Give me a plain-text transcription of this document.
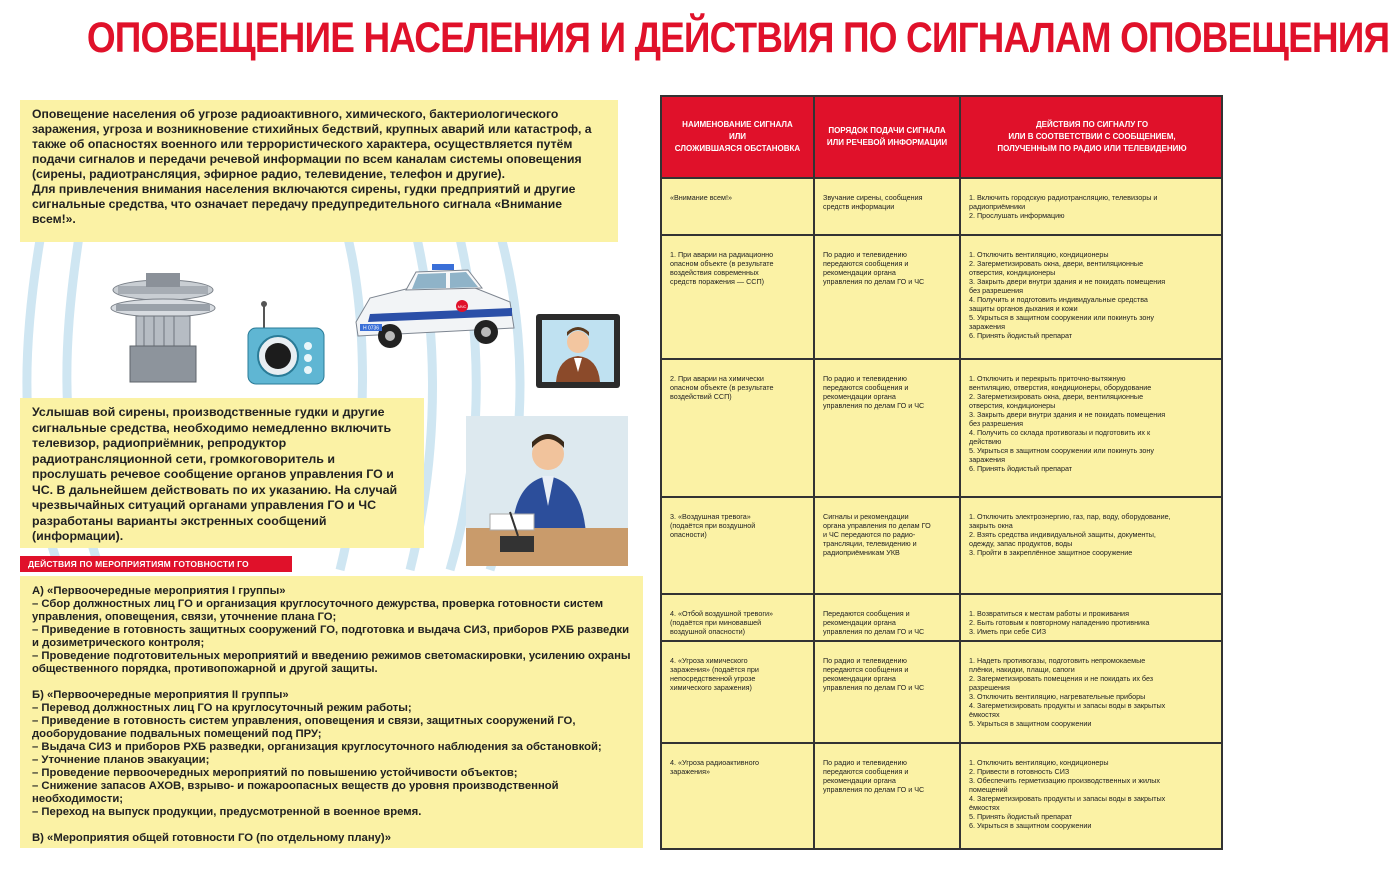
ОПОВЕЩЕНИЕ НАСЕЛЕНИЯ И ДЕЙСТВИЯ ПО СИГНАЛАМ ОПОВЕЩЕНИЯ

Оповещение населения об угрозе радиоактивного, химического, бактериологического заражения, угроза и возникновение стихийных бедствий, крупных аварий или катастроф, а также об опасностях военного или террористического характера, осуществляется путём подачи сигналов и передачи речевой информации по всем каналам системы оповещения (сирены, радиотрансляция, эфирное радио, телевидение, телефон и другие).

Для привлечения внимания населения включаются сирены, гудки предприятий и другие сигнальные средства, что означает передачу предупредительного сигнала «Внимание всем!».

Н 0736
МЧС

Услышав вой сирены, производственные гудки и другие сигнальные средства, необходимо немедленно включить телевизор, радиоприёмник, репродуктор радиотрансляционной сети, громкоговоритель и прослушать речевое сообщение органов управления ГО и ЧС. В дальнейшем действовать по их указанию. На случай чрезвычайных ситуаций органами управления ГО и ЧС разработаны варианты экстренных сообщений (информации).

ДЕЙСТВИЯ ПО МЕРОПРИЯТИЯМ ГОТОВНОСТИ ГО
А) «Первоочередные мероприятия I группы»
– Сбор должностных лиц ГО и организация круглосуточного дежурства, проверка готовности систем управления, оповещения, связи, уточнение плана ГО;
– Приведение в готовность защитных сооружений ГО, подготовка и выдача СИЗ, приборов РХБ разведки и дозиметрического контроля;
– Проведение подготовительных мероприятий и введению режимов светомаскировки, усилению охраны общественного порядка, противопожарной и другой защиты.
Б) «Первоочередные мероприятия II группы»
– Перевод должностных лиц ГО на круглосуточный режим работы;
– Приведение в готовность систем управления, оповещения и связи, защитных сооружений ГО, дооборудование подвальных помещений под ПРУ;
– Выдача СИЗ и приборов РХБ разведки, организация круглосуточного наблюдения за обстановкой;
– Уточнение планов эвакуации;
– Проведение первоочередных мероприятий по повышению устойчивости объектов;
– Снижение запасов АХОВ, взрыво- и пожароопасных веществ до уровня производственной необходимости;
– Переход на выпуск продукции, предусмотренной в военное время.
В) «Мероприятия общей готовности ГО (по отдельному плану)»
НАИМЕНОВАНИЕ СИГНАЛА
ИЛИ
СЛОЖИВШАЯСЯ ОБСТАНОВКА
ПОРЯДОК ПОДАЧИ СИГНАЛА
ИЛИ РЕЧЕВОЙ ИНФОРМАЦИИ
ДЕЙСТВИЯ ПО СИГНАЛУ ГО
ИЛИ В СООТВЕТСТВИИ С СООБЩЕНИЕМ,
ПОЛУЧЕННЫМ ПО РАДИО ИЛИ ТЕЛЕВИДЕНИЮ
«Внимание всем!»	Звучание сирены, сообщения
средств информации
1. Включить городскую радиотрансляцию, телевизоры и
радиоприёмники
2. Прослушать информацию
1. При аварии на радиационно
опасном объекте (в результате
воздействия современных
средств поражения — ССП)
По радио и телевидению
передаются сообщения и
рекомендации органа
управления по делам ГО и ЧС
1. Отключить вентиляцию, кондиционеры
2. Загерметизировать окна, двери, вентиляционные
отверстия, кондиционеры
3. Закрыть двери внутри здания и не покидать помещения
без разрешения
4. Получить и подготовить индивидуальные средства
защиты органов дыхания и кожи
5. Укрыться в защитном сооружении или покинуть зону
заражения
6. Принять йодистый препарат
2. При аварии на химически
опасном объекте (в результате
воздействий ССП)
По радио и телевидению
передаются сообщения и
рекомендации органа
управления по делам ГО и ЧС
1. Отключить и перекрыть приточно-вытяжную
вентиляцию, отверстия, кондиционеры, оборудование
2. Загерметизировать окна, двери, вентиляционные
отверстия, кондиционеры
3. Закрыть двери внутри здания и не покидать помещения
без разрешения
4. Получить со склада противогазы и подготовить их к
действию
5. Укрыться в защитном сооружении или покинуть зону
заражения
6. Принять йодистый препарат
3. «Воздушная тревога»
(подаётся при воздушной
опасности)
Сигналы и рекомендации
органа управления по делам ГО
и ЧС передаются по радио-
трансляции, телевидению и
радиоприёмникам УКВ
1. Отключить электроэнергию, газ, пар, воду, оборудование,
закрыть окна
2. Взять средства индивидуальной защиты, документы,
одежду, запас продуктов, воды
3. Пройти в закреплённое защитное сооружение
4. «Отбой воздушной тревоги»
(подаётся при миновавшей
воздушной опасности)
Передаются сообщения и
рекомендации органа
управления по делам ГО и ЧС
1. Возвратиться к местам работы и проживания
2. Быть готовым к повторному нападению противника
3. Иметь при себе СИЗ
4. «Угроза химического
заражения» (подаётся при
непосредственной угрозе
химического заражения)
По радио и телевидению
передаются сообщения и
рекомендации органа
управления по делам ГО и ЧС
1. Надеть противогазы, подготовить непромокаемые
плёнки, накидки, плащи, сапоги
2. Загерметизировать помещения и не покидать их без
разрешения
3. Отключить вентиляцию, нагревательные приборы
4. Загерметизировать продукты и запасы воды в закрытых
ёмкостях
5. Укрыться в защитном сооружении
4. «Угроза радиоактивного
заражения»
По радио и телевидению
передаются сообщения и
рекомендации органа
управления по делам ГО и ЧС
1. Отключить вентиляцию, кондиционеры
2. Привести в готовность СИЗ
3. Обеспечить герметизацию производственных и жилых
помещений
4. Загерметизировать продукты и запасы воды в закрытых
ёмкостях
5. Принять йодистый препарат
6. Укрыться в защитном сооружении
